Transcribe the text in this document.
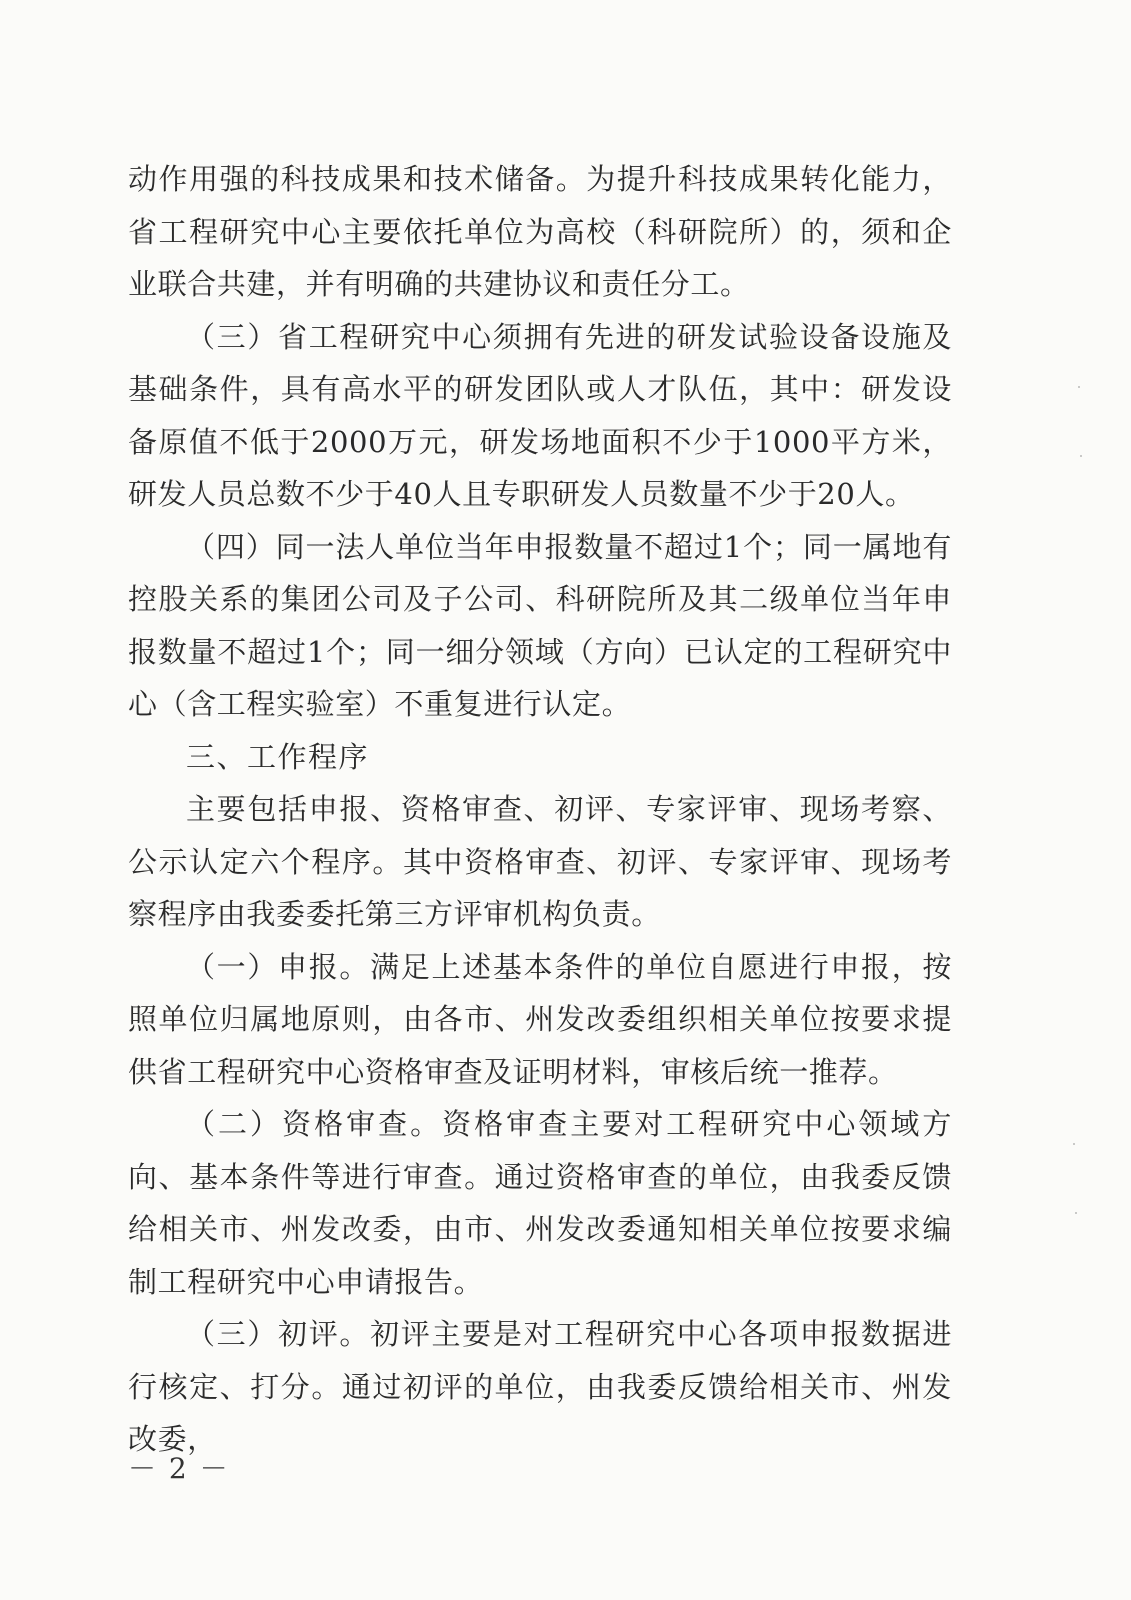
动作用强的科技成果和技术储备。为提升科技成果转化能力，省工程研究中心主要依托单位为高校（科研院所）的，须和企业联合共建，并有明确的共建协议和责任分工。

（三）省工程研究中心须拥有先进的研发试验设备设施及基础条件，具有高水平的研发团队或人才队伍，其中：研发设备原值不低于2000万元，研发场地面积不少于1000平方米，研发人员总数不少于40人且专职研发人员数量不少于20人。

（四）同一法人单位当年申报数量不超过1个；同一属地有控股关系的集团公司及子公司、科研院所及其二级单位当年申报数量不超过1个；同一细分领域（方向）已认定的工程研究中心（含工程实验室）不重复进行认定。

三、工作程序

主要包括申报、资格审查、初评、专家评审、现场考察、公示认定六个程序。其中资格审查、初评、专家评审、现场考察程序由我委委托第三方评审机构负责。

（一）申报。满足上述基本条件的单位自愿进行申报，按照单位归属地原则，由各市、州发改委组织相关单位按要求提供省工程研究中心资格审查及证明材料，审核后统一推荐。

（二）资格审查。资格审查主要对工程研究中心领域方向、基本条件等进行审查。通过资格审查的单位，由我委反馈给相关市、州发改委，由市、州发改委通知相关单位按要求编制工程研究中心申请报告。

（三）初评。初评主要是对工程研究中心各项申报数据进行核定、打分。通过初评的单位，由我委反馈给相关市、州发改委，

－ 2 －
